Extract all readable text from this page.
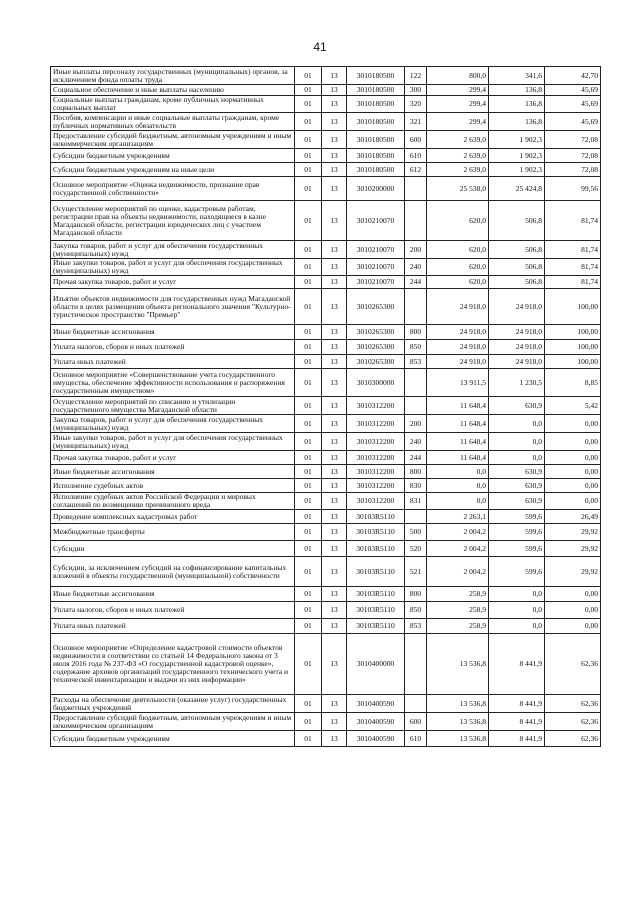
41
Иные выплаты персоналу государственных (муниципальных) органов, за исключением фонда оплаты труда	01	13	3010180500	122	800,0	341,6	42,70
Социальное обеспечение и иные выплаты населению	01	13	3010180500	300	299,4	136,8	45,69
Социальные выплаты гражданам, кроме публичных нормативных социальных выплат	01	13	3010180500	320	299,4	136,8	45,69
Пособия, компенсации и иные социальные выплаты гражданам, кроме публичных нормативных обязательств	01	13	3010180500	321	299,4	136,8	45,69
Предоставление субсидий бюджетным, автономным учреждениям и иным некоммерческим организациям	01	13	3010180500	600	2 639,0	1 902,3	72,08
Субсидии бюджетным учреждениям	01	13	3010180500	610	2 639,0	1 902,3	72,08
Субсидии бюджетным учреждениям на иные цели	01	13	3010180500	612	2 639,0	1 902,3	72,08
Основное мероприятие «Оценка недвижимости, признание прав государственной собственности»	01	13	3010200000		25 538,0	25 424,8	99,56
Осуществление мероприятий по оценке, кадастровым работам, регистрации прав на объекты недвижимости, находящиеся в казне Магаданской области, регистрации юридических лиц с участием Магаданской области	01	13	3010210070		620,0	506,8	81,74
Закупка товаров, работ и услуг для обеспечения государственных (муниципальных) нужд	01	13	3010210070	200	620,0	506,8	81,74
Иные закупки товаров, работ и услуг для обеспечения государственных (муниципальных) нужд	01	13	3010210070	240	620,0	506,8	81,74
Прочая закупка товаров, работ и услуг	01	13	3010210070	244	620,0	506,8	81,74
Изъятие объектов недвижимости для государственных нужд Магаданской области в целях размещения объекта регионального значения "Культурно-туристическое пространство "Премьер"	01	13	3010265300		24 918,0	24 918,0	100,00
Иные бюджетные ассигнования	01	13	3010265300	800	24 918,0	24 918,0	100,00
Уплата налогов, сборов и иных платежей	01	13	3010265300	850	24 918,0	24 918,0	100,00
Уплата иных платежей	01	13	3010265300	853	24 918,0	24 918,0	100,00
Основное мероприятие «Совершенствование учета государственного имущества, обеспечение эффективности использования и распоряжения государственным имуществом»	01	13	3010300000		13 911,5	1 230,5	8,85
Осуществление мероприятий по списанию и утилизации государственного имущества Магаданской области	01	13	3010312200		11 648,4	630,9	5,42
Закупка товаров, работ и услуг для обеспечения государственных (муниципальных) нужд	01	13	3010312200	200	11 648,4	0,0	0,00
Иные закупки товаров, работ и услуг для обеспечения государственных (муниципальных) нужд	01	13	3010312200	240	11 648,4	0,0	0,00
Прочая закупка товаров, работ и услуг	01	13	3010312200	244	11 648,4	0,0	0,00
Иные бюджетные ассигнования	01	13	3010312200	800	0,0	630,9	0,00
Исполнение судебных актов	01	13	3010312200	830	0,0	630,9	0,00
Исполнение судебных актов Российской Федерации и мировых соглашений по возмещению причиненного вреда	01	13	3010312200	831	0,0	630,9	0,00
Проведение комплексных кадастровых работ	01	13	30103R5110		2 263,1	599,6	26,49
Межбюджетные трансферты	01	13	30103R5110	500	2 004,2	599,6	29,92
Субсидии	01	13	30103R5110	520	2 004,2	599,6	29,92
Субсидии, за исключением субсидий на софинансирование капитальных вложений в объекты государственной (муниципальной) собственности	01	13	30103R5110	521	2 004,2	599,6	29,92
Иные бюджетные ассигнования	01	13	30103R5110	800	258,9	0,0	0,00
Уплата налогов, сборов и иных платежей	01	13	30103R5110	850	258,9	0,0	0,00
Уплата иных платежей	01	13	30103R5110	853	258,9	0,0	0,00
Основное мероприятие «Определение кадастровой стоимости объектов недвижимости в соответствии со статьей 14 Федерального закона от 3 июля 2016 года № 237-ФЗ «О государственной кадастровой оценке», содержание архивов организаций государственного технического учета и технической инвентаризации и выдачи из них информации»	01	13	3010400000		13 536,8	8 441,9	62,36
Расходы на обеспечение деятельности (оказание услуг) государственных бюджетных учреждений	01	13	3010400590		13 536,8	8 441,9	62,36
Предоставление субсидий бюджетным, автономным учреждениям и иным некоммерческим организациям	01	13	3010400590	600	13 536,8	8 441,9	62,36
Субсидии бюджетным учреждениям	01	13	3010400590	610	13 536,8	8 441,9	62,36
